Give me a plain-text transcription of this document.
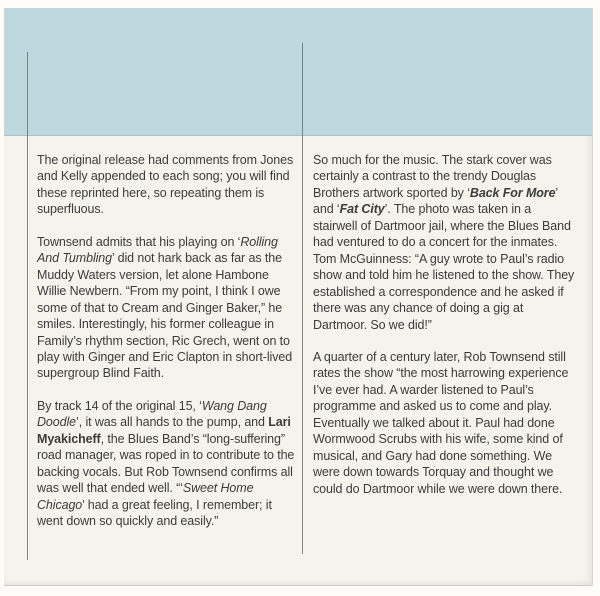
The original release had comments from Jones and Kelly appended to each song; you will find these reprinted here, so repeating them is superfluous.

Townsend admits that his playing on ‘Rolling And Tumbling’ did not hark back as far as the Muddy Waters version, let alone Hambone Willie Newbern. “From my point, I think I owe some of that to Cream and Ginger Baker,” he smiles. Interestingly, his former colleague in Family’s rhythm section, Ric Grech, went on to play with Ginger and Eric Clapton in short-lived supergroup Blind Faith.

By track 14 of the original 15, ‘Wang Dang Doodle’, it was all hands to the pump, and Lari Myakicheff, the Blues Band’s “long-suffering” road manager, was roped in to contribute to the backing vocals. But Rob Townsend confirms all was well that ended well. “‘Sweet Home Chicago’ had a great feeling, I remember; it went down so quickly and easily.”

So much for the music. The stark cover was certainly a contrast to the trendy Douglas Brothers artwork sported by ‘Back For More’ and ‘Fat City’. The photo was taken in a stairwell of Dartmoor jail, where the Blues Band had ventured to do a concert for the inmates. Tom McGuinness: “A guy wrote to Paul’s radio show and told him he listened to the show. They established a correspondence and he asked if there was any chance of doing a gig at Dartmoor. So we did!”

A quarter of a century later, Rob Townsend still rates the show “the most harrowing experience I’ve ever had. A warder listened to Paul’s programme and asked us to come and play. Eventually we talked about it. Paul had done Wormwood Scrubs with his wife, some kind of musical, and Gary had done something. We were down towards Torquay and thought we could do Dartmoor while we were down there.
